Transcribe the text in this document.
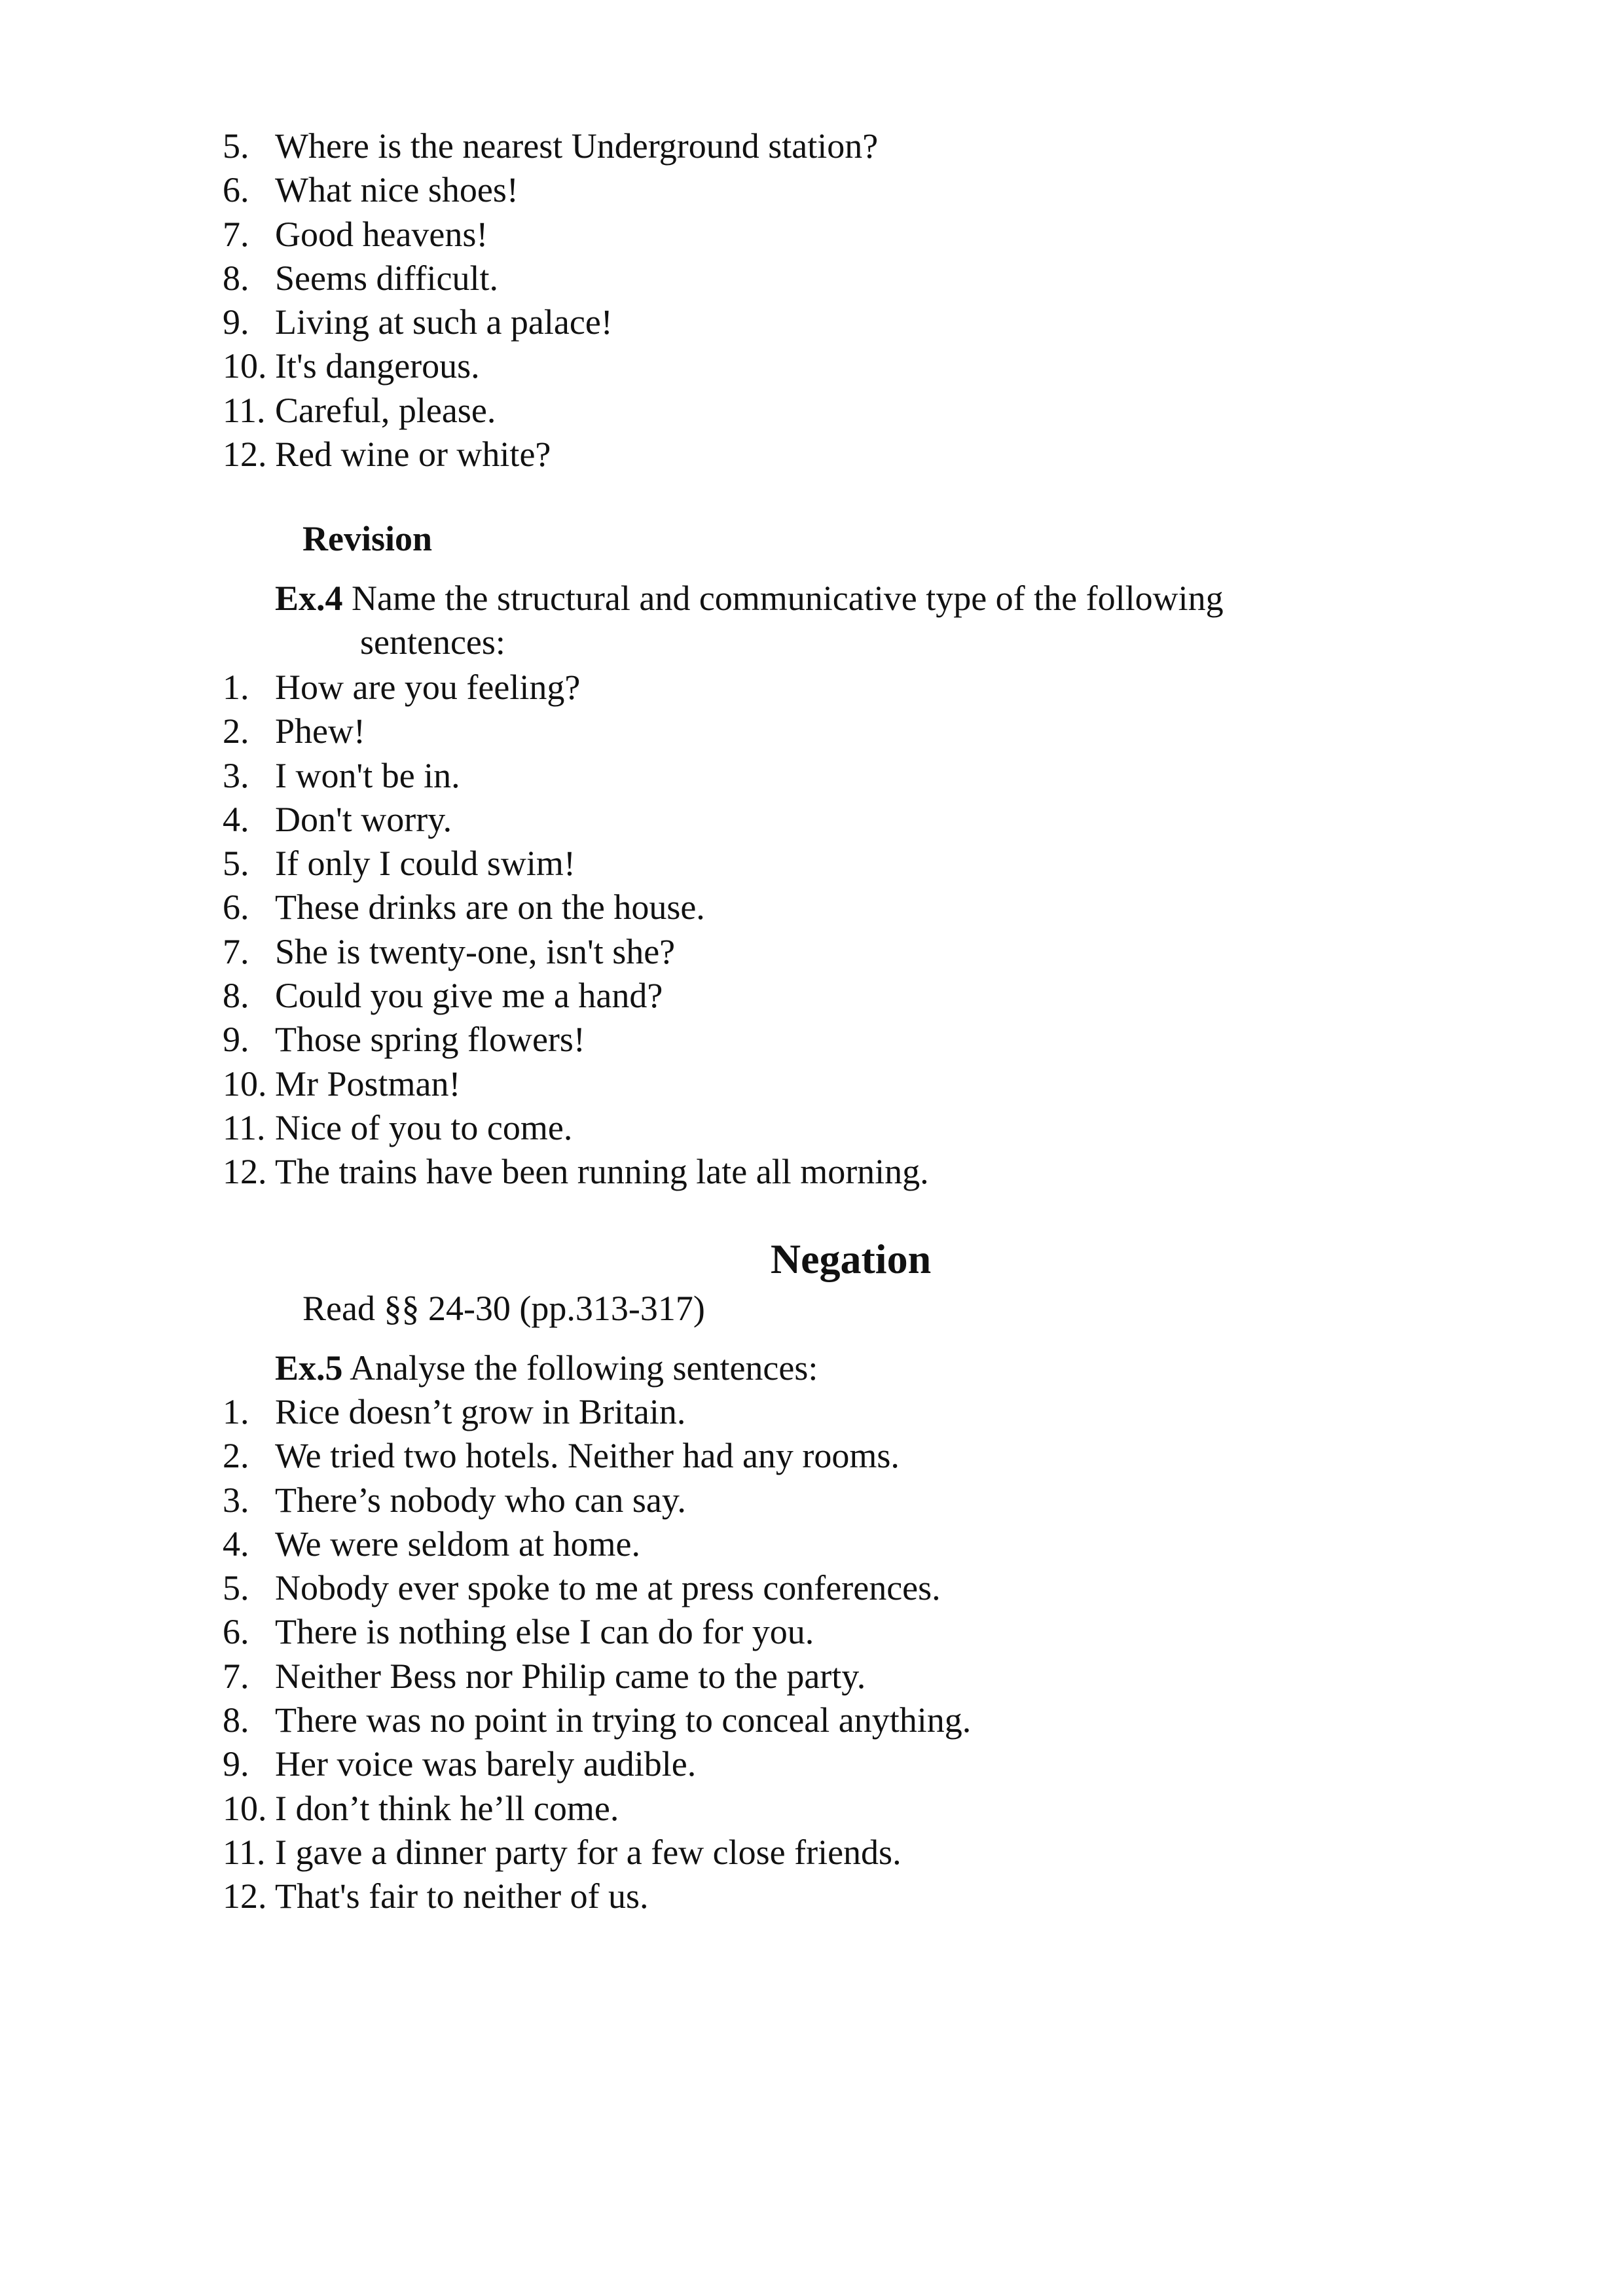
5. Where is the nearest Underground station?
6. What nice shoes!
7. Good heavens!
8. Seems difficult.
9. Living at such a palace!
10. It's dangerous.
11. Careful, please.
12. Red wine or white?
Revision
Ex.4 Name the structural and communicative type of the following
sentences:
1. How are you feeling?
2. Phew!
3. I won't be in.
4. Don't worry.
5. If only I could swim!
6. These drinks are on the house.
7. She is twenty-one, isn't she?
8. Could you give me a hand?
9. Those spring flowers!
10. Mr Postman!
11. Nice of you to come.
12. The trains have been running late all morning.
Negation
Read §§ 24-30 (pp.313-317)
Ex.5 Analyse the following sentences:
1. Rice doesn’t grow in Britain.
2. We tried two hotels. Neither had any rooms.
3. There’s nobody who can say.
4. We were seldom at home.
5. Nobody ever spoke to me at press conferences.
6. There is nothing else I can do for you.
7. Neither Bess nor Philip came to the party.
8. There was no point in trying to conceal anything.
9. Her voice was barely audible.
10. I don’t think he’ll come.
11. I gave a dinner party for a few close friends.
12. That's fair to neither of us.
